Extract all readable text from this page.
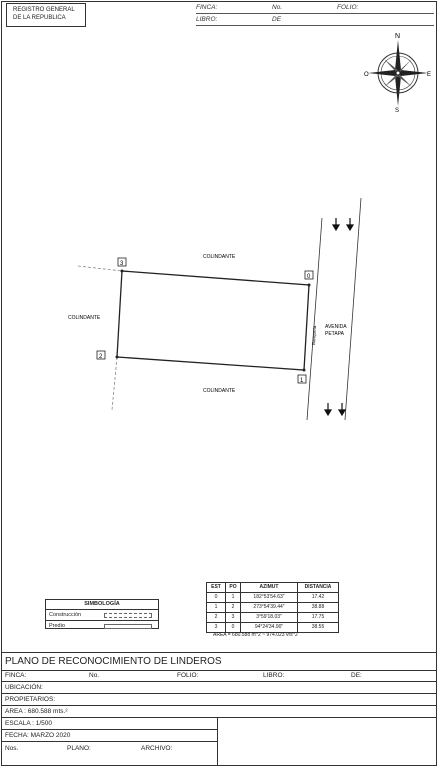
REGISTRO GENERAL DE LA REPUBLICA
FINCA:	No.	FOLIO:
LIBRO:	DE
N
S
E
O
3
0
1
2
COLINDANTE
COLINDANTE
COLINDANTE
Banqueta AVENIDA
PETAPA
EST	PO	AZIMUT	DISTANCIA
0	1	182°53'54.63"	17.42
1	2	273°54'39.44"	38.88
2	3	3°59'18.03"	17.75
3	0	94°24'34.90"	38.55
AREA = 680.588 m^2 ~ 974.023 vrs^2
SIMBOLOGÍA
Construcción
Predio
PLANO DE RECONOCIMIENTO DE LINDEROS
FINCA:	No.	FOLIO:	LIBRO:	DE:
UBICACIÓN:
PROPIETARIOS:
AREA : 680.588 mts.²
ESCALA : 1/500
FECHA: MARZO 2020
Nos.	PLANO:	ARCHIVO:
